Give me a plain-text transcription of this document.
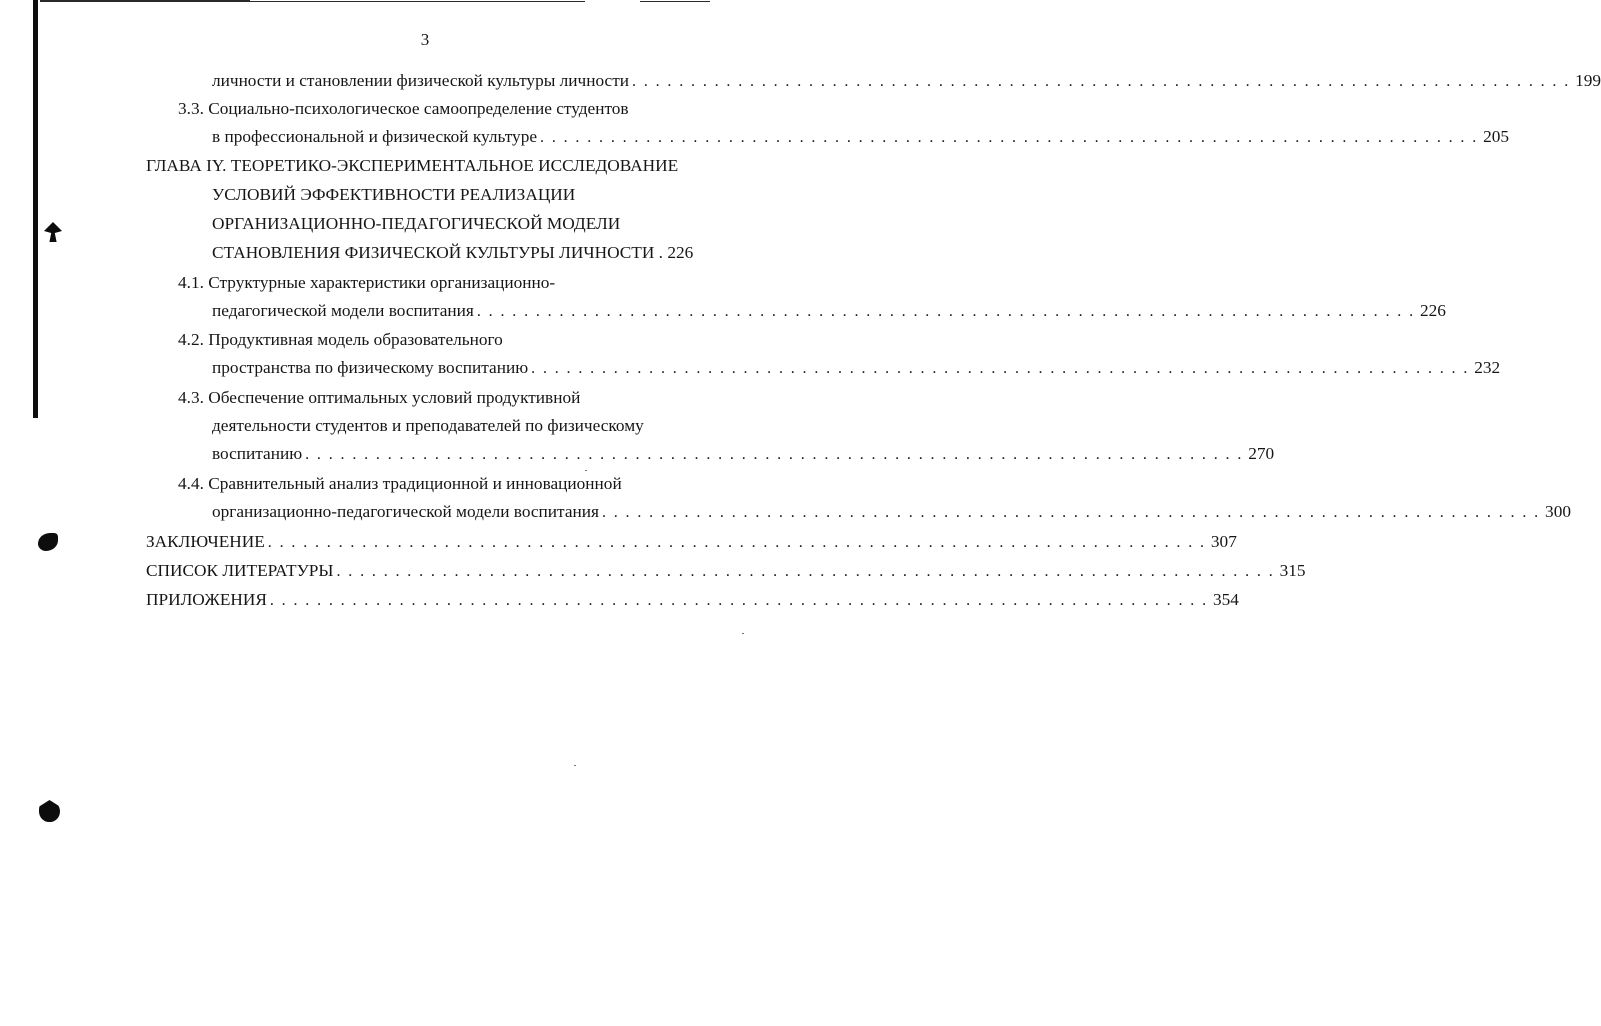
3
личности и становлении физической культуры личности . . . . . . . . . . . . . . . . . . . . . . . . . . . . . . . . . . . . . . . . . . . . . . . . . . . . . . . . . . . . . . . . . . . . . . . . . . . . . . . . 199
3.3. Социально-психологическое самоопределение студентов
в профессиональной и физической культуре . . . . . . . . . . . . . . . . . . . . . . . . . . . . . . . . . . . . . . . . . . . . . . . . . . . . . . . . . . . . . . . . . . . . . . . . . . . . . . . . 205
ГЛАВА IY. ТЕОРЕТИКО-ЭКСПЕРИМЕНТАЛЬНОЕ ИССЛЕДОВАНИЕ
УСЛОВИЙ ЭФФЕКТИВНОСТИ РЕАЛИЗАЦИИ
ОРГАНИЗАЦИОННО-ПЕДАГОГИЧЕСКОЙ МОДЕЛИ
СТАНОВЛЕНИЯ ФИЗИЧЕСКОЙ КУЛЬТУРЫ ЛИЧНОСТИ . 226
4.1. Структурные характеристики организационно-
педагогической модели воспитания . . . . . . . . . . . . . . . . . . . . . . . . . . . . . . . . . . . . . . . . . . . . . . . . . . . . . . . . . . . . . . . . . . . . . . . . . . . . . . . . 226
4.2. Продуктивная модель образовательного
пространства по физическому воспитанию . . . . . . . . . . . . . . . . . . . . . . . . . . . . . . . . . . . . . . . . . . . . . . . . . . . . . . . . . . . . . . . . . . . . . . . . . . . . . . . . 232
4.3. Обеспечение оптимальных условий продуктивной
деятельности студентов и преподавателей по физическому
воспитанию . . . . . . . . . . . . . . . . . . . . . . . . . . . . . . . . . . . . . . . . . . . . . . . . . . . . . . . . . . . . . . . . . . . . . . . . . . . . . . . . 270
4.4. Сравнительный анализ традиционной и инновационной
организационно-педагогической модели воспитания . . . . . . . . . . . . . . . . . . . . . . . . . . . . . . . . . . . . . . . . . . . . . . . . . . . . . . . . . . . . . . . . . . . . . . . . . . . . . . . . 300
ЗАКЛЮЧЕНИЕ . . . . . . . . . . . . . . . . . . . . . . . . . . . . . . . . . . . . . . . . . . . . . . . . . . . . . . . . . . . . . . . . . . . . . . . . . . . . . . . . 307
СПИСОК ЛИТЕРАТУРЫ . . . . . . . . . . . . . . . . . . . . . . . . . . . . . . . . . . . . . . . . . . . . . . . . . . . . . . . . . . . . . . . . . . . . . . . . . . . . . . . . 315
ПРИЛОЖЕНИЯ . . . . . . . . . . . . . . . . . . . . . . . . . . . . . . . . . . . . . . . . . . . . . . . . . . . . . . . . . . . . . . . . . . . . . . . . . . . . . . . . 354
